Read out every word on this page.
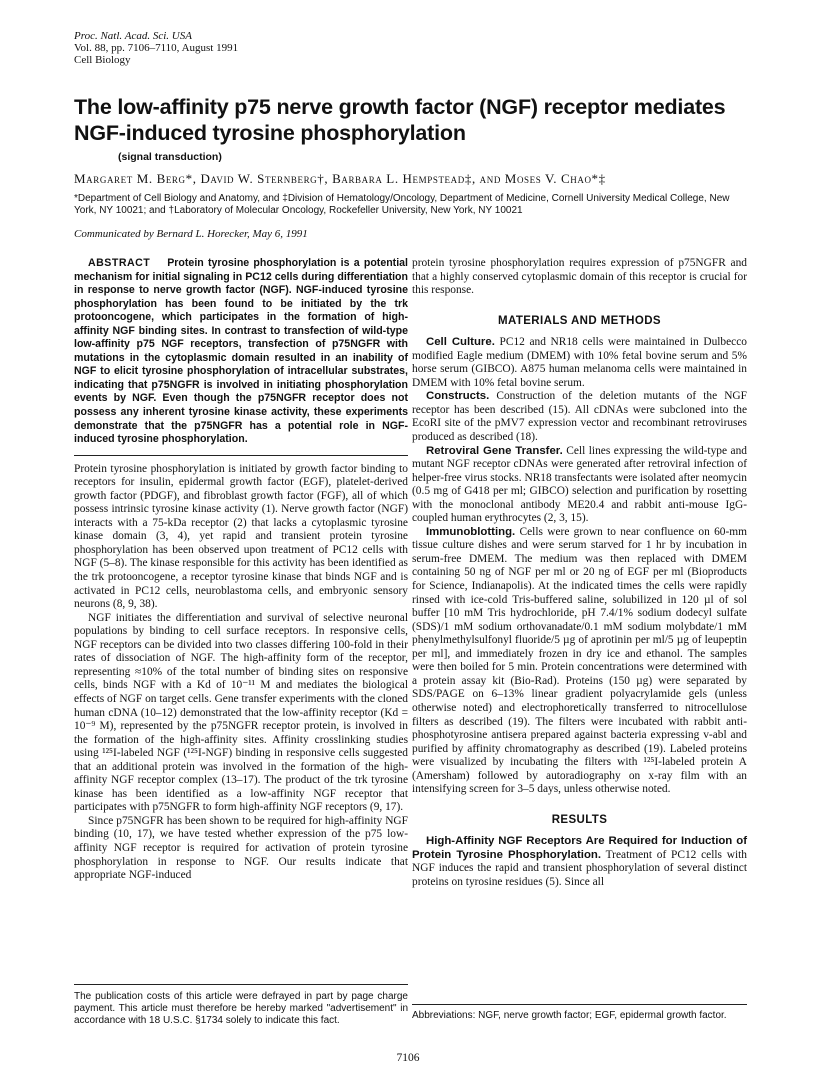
Proc. Natl. Acad. Sci. USA
Vol. 88, pp. 7106–7110, August 1991
Cell Biology
The low-affinity p75 nerve growth factor (NGF) receptor mediates NGF-induced tyrosine phosphorylation
(signal transduction)
Margaret M. Berg*, David W. Sternberg†, Barbara L. Hempstead‡, and Moses V. Chao*‡
*Department of Cell Biology and Anatomy, and ‡Division of Hematology/Oncology, Department of Medicine, Cornell University Medical College, New York, NY 10021; and †Laboratory of Molecular Oncology, Rockefeller University, New York, NY 10021
Communicated by Bernard L. Horecker, May 6, 1991

ABSTRACT Protein tyrosine phosphorylation is a potential mechanism for initial signaling in PC12 cells during differentiation in response to nerve growth factor (NGF). NGF-induced tyrosine phosphorylation has been found to be initiated by the trk protooncogene, which participates in the formation of high-affinity NGF binding sites. In contrast to transfection of wild-type low-affinity p75 NGF receptors, transfection of p75NGFR with mutations in the cytoplasmic domain resulted in an inability of NGF to elicit tyrosine phosphorylation of intracellular substrates, indicating that p75NGFR is involved in initiating phosphorylation events by NGF. Even though the p75NGFR receptor does not possess any inherent tyrosine kinase activity, these experiments demonstrate that the p75NGFR has a potential role in NGF-induced tyrosine phosphorylation.

Protein tyrosine phosphorylation is initiated by growth factor binding to receptors for insulin, epidermal growth factor (EGF), platelet-derived growth factor (PDGF), and fibroblast growth factor (FGF), all of which possess intrinsic tyrosine kinase activity (1). Nerve growth factor (NGF) interacts with a 75-kDa receptor (2) that lacks a cytoplasmic tyrosine kinase domain (3, 4), yet rapid and transient protein tyrosine phosphorylation has been observed upon treatment of PC12 cells with NGF (5–8). The kinase responsible for this activity has been identified as the trk protooncogene, a receptor tyrosine kinase that binds NGF and is activated in PC12 cells, neuroblastoma cells, and embryonic sensory neurons (8, 9, 38).

NGF initiates the differentiation and survival of selective neuronal populations by binding to cell surface receptors. In responsive cells, NGF receptors can be divided into two classes differing 100-fold in their rates of dissociation of NGF. The high-affinity form of the receptor, representing ≈10% of the total number of binding sites on responsive cells, binds NGF with a Kd of 10⁻¹¹ M and mediates the biological effects of NGF on target cells. Gene transfer experiments with the cloned human cDNA (10–12) demonstrated that the low-affinity receptor (Kd = 10⁻⁹ M), represented by the p75NGFR receptor protein, is involved in the formation of the high-affinity sites. Affinity crosslinking studies using ¹²⁵I-labeled NGF (¹²⁵I-NGF) binding in responsive cells suggested that an additional protein was involved in the formation of the high-affinity NGF receptor complex (13–17). The product of the trk tyrosine kinase has been identified as a low-affinity NGF receptor that participates with p75NGFR to form high-affinity NGF receptors (9, 17).

Since p75NGFR has been shown to be required for high-affinity NGF binding (10, 17), we have tested whether expression of the p75 low-affinity NGF receptor is required for activation of protein tyrosine phosphorylation in response to NGF. Our results indicate that appropriate NGF-induced

protein tyrosine phosphorylation requires expression of p75NGFR and that a highly conserved cytoplasmic domain of this receptor is crucial for this response.

MATERIALS AND METHODS

Cell Culture. PC12 and NR18 cells were maintained in Dulbecco modified Eagle medium (DMEM) with 10% fetal bovine serum and 5% horse serum (GIBCO). A875 human melanoma cells were maintained in DMEM with 10% fetal bovine serum.

Constructs. Construction of the deletion mutants of the NGF receptor has been described (15). All cDNAs were subcloned into the EcoRI site of the pMV7 expression vector and recombinant retroviruses produced as described (18).

Retroviral Gene Transfer. Cell lines expressing the wild-type and mutant NGF receptor cDNAs were generated after retroviral infection of helper-free virus stocks. NR18 transfectants were isolated after neomycin (0.5 mg of G418 per ml; GIBCO) selection and purification by rosetting with the monoclonal antibody ME20.4 and rabbit anti-mouse IgG-coupled human erythrocytes (2, 3, 15).

Immunoblotting. Cells were grown to near confluence on 60-mm tissue culture dishes and were serum starved for 1 hr by incubation in serum-free DMEM. The medium was then replaced with DMEM containing 50 ng of NGF per ml or 20 ng of EGF per ml (Bioproducts for Science, Indianapolis). At the indicated times the cells were rapidly rinsed with ice-cold Tris-buffered saline, solubilized in 120 µl of sol buffer [10 mM Tris hydrochloride, pH 7.4/1% sodium dodecyl sulfate (SDS)/1 mM sodium orthovanadate/0.1 mM sodium molybdate/1 mM phenylmethylsulfonyl fluoride/5 µg of aprotinin per ml/5 µg of leupeptin per ml], and immediately frozen in dry ice and ethanol. The samples were then boiled for 5 min. Protein concentrations were determined with a protein assay kit (Bio-Rad). Proteins (150 µg) were separated by SDS/PAGE on 6–13% linear gradient polyacrylamide gels (unless otherwise noted) and electrophoretically transferred to nitrocellulose filters as described (19). The filters were incubated with rabbit anti-phosphotyrosine antisera prepared against bacteria expressing v-abl and purified by affinity chromatography as described (19). Labeled proteins were visualized by incubating the filters with ¹²⁵I-labeled protein A (Amersham) followed by autoradiography on x-ray film with an intensifying screen for 3–5 days, unless otherwise noted.

RESULTS

High-Affinity NGF Receptors Are Required for Induction of Protein Tyrosine Phosphorylation. Treatment of PC12 cells with NGF induces the rapid and transient phosphorylation of several distinct proteins on tyrosine residues (5). Since all

The publication costs of this article were defrayed in part by page charge payment. This article must therefore be hereby marked "advertisement" in accordance with 18 U.S.C. §1734 solely to indicate this fact.	Abbreviations: NGF, nerve growth factor; EGF, epidermal growth factor.
7106
